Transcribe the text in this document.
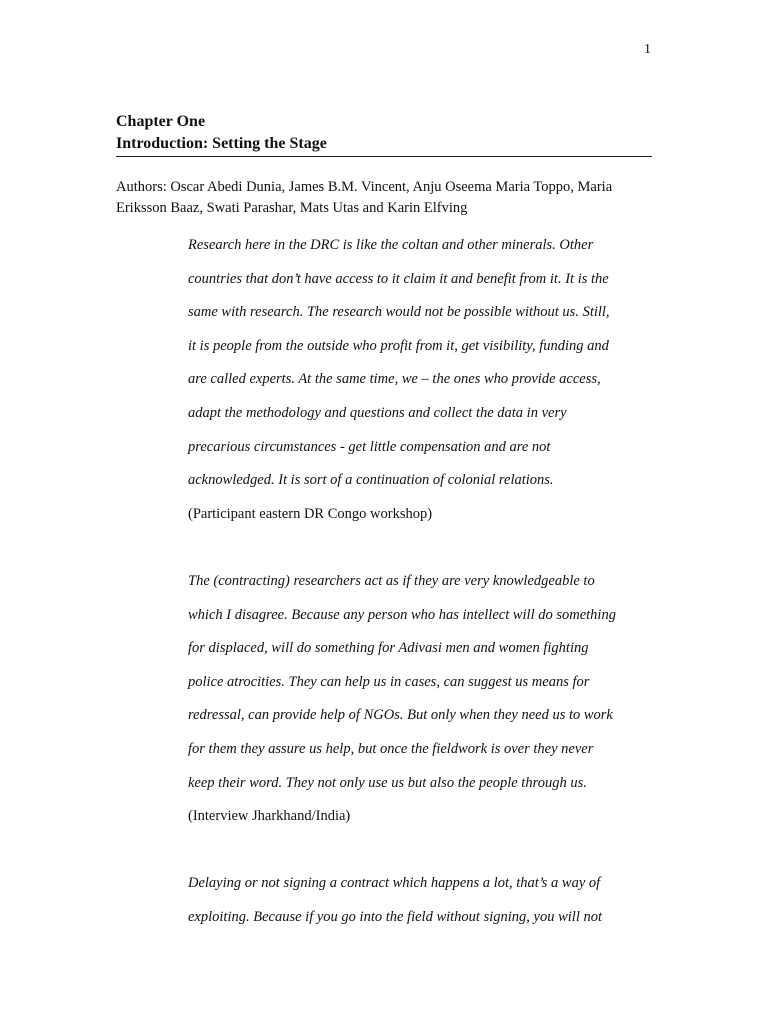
1
Chapter One
Introduction: Setting the Stage
Authors: Oscar Abedi Dunia, James B.M. Vincent, Anju Oseema Maria Toppo, Maria Eriksson Baaz, Swati Parashar, Mats Utas and Karin Elfving
Research here in the DRC is like the coltan and other minerals. Other
countries that don’t have access to it claim it and benefit from it. It is the
same with research. The research would not be possible without us. Still,
it is people from the outside who profit from it, get visibility, funding and
are called experts. At the same time, we – the ones who provide access,
adapt the methodology and questions and collect the data in very
precarious circumstances - get little compensation and are not
acknowledged. It is sort of a continuation of colonial relations.
(Participant eastern DR Congo workshop)
The (contracting) researchers act as if they are very knowledgeable to
which I disagree. Because any person who has intellect will do something
for displaced, will do something for Adivasi men and women fighting
police atrocities. They can help us in cases, can suggest us means for
redressal, can provide help of NGOs. But only when they need us to work
for them they assure us help, but once the fieldwork is over they never
keep their word. They not only use us but also the people through us.
(Interview Jharkhand/India)
Delaying or not signing a contract which happens a lot, that’s a way of
exploiting. Because if you go into the field without signing, you will not
